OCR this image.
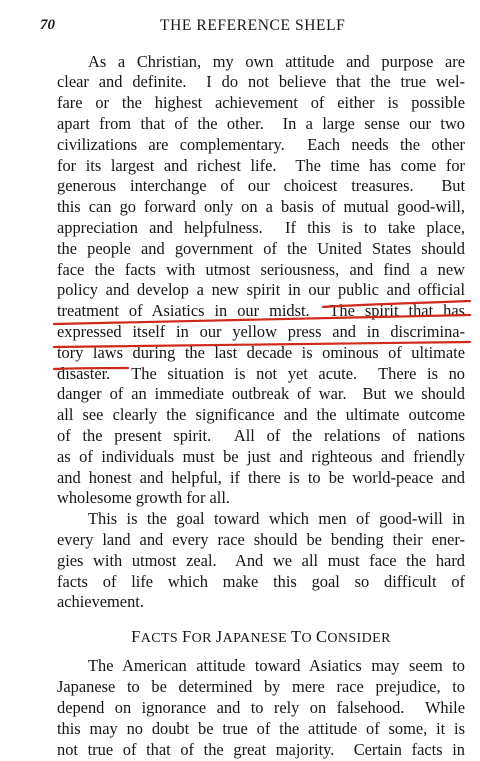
70	THE REFERENCE SHELF
As a Christian, my own attitude and purpose are
clear and definite.  I do not believe that the true wel-
fare or the highest achievement of either is possible
apart from that of the other.  In a large sense our two
civilizations are complementary.  Each needs the other
for its largest and richest life.  The time has come for
generous interchange of our choicest treasures.  But
this can go forward only on a basis of mutual good-will,
appreciation and helpfulness.  If this is to take place,
the people and government of the United States should
face the facts with utmost seriousness, and find a new
policy and develop a new spirit in our public and official
treatment of Asiatics in our midst.  The spirit that has
expressed itself in our yellow press and in discrimina-
tory laws during the last decade is ominous of ultimate
disaster.  The situation is not yet acute.  There is no
danger of an immediate outbreak of war.  But we should
all see clearly the significance and the ultimate outcome
of the present spirit.  All of the relations of nations
as of individuals must be just and righteous and friendly
and honest and helpful, if there is to be world-peace and
wholesome growth for all.
This is the goal toward which men of good-will in
every land and every race should be bending their ener-
gies with utmost zeal.  And we all must face the hard
facts of life which make this goal so difficult of
achievement.
FACTS FOR JAPANESE TO CONSIDER
The American attitude toward Asiatics may seem to
Japanese to be determined by mere race prejudice, to
depend on ignorance and to rely on falsehood.  While
this may no doubt be true of the attitude of some, it is
not true of that of the great majority.  Certain facts in
